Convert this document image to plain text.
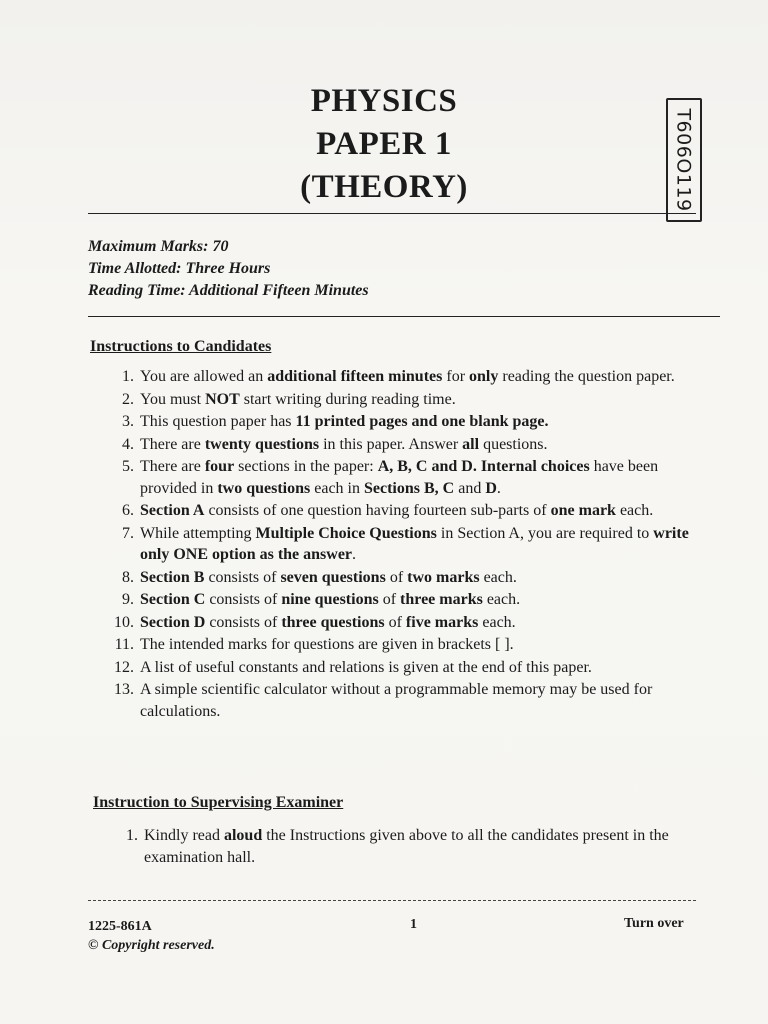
PHYSICS
PAPER 1
(THEORY)	T606O119
Maximum Marks: 70
Time Allotted: Three Hours
Reading Time: Additional Fifteen Minutes
Instructions to Candidates
1. You are allowed an additional fifteen minutes for only reading the question paper.
2. You must NOT start writing during reading time.
3. This question paper has 11 printed pages and one blank page.
4. There are twenty questions in this paper. Answer all questions.
5. There are four sections in the paper: A, B, C and D. Internal choices have been provided in two questions each in Sections B, C and D.
6. Section A consists of one question having fourteen sub-parts of one mark each.
7. While attempting Multiple Choice Questions in Section A, you are required to write only ONE option as the answer.
8. Section B consists of seven questions of two marks each.
9. Section C consists of nine questions of three marks each.
10. Section D consists of three questions of five marks each.
11. The intended marks for questions are given in brackets [ ].
12. A list of useful constants and relations is given at the end of this paper.
13. A simple scientific calculator without a programmable memory may be used for calculations.
Instruction to Supervising Examiner
1. Kindly read aloud the Instructions given above to all the candidates present in the examination hall.
1225-861A
© Copyright reserved.
1	Turn over
